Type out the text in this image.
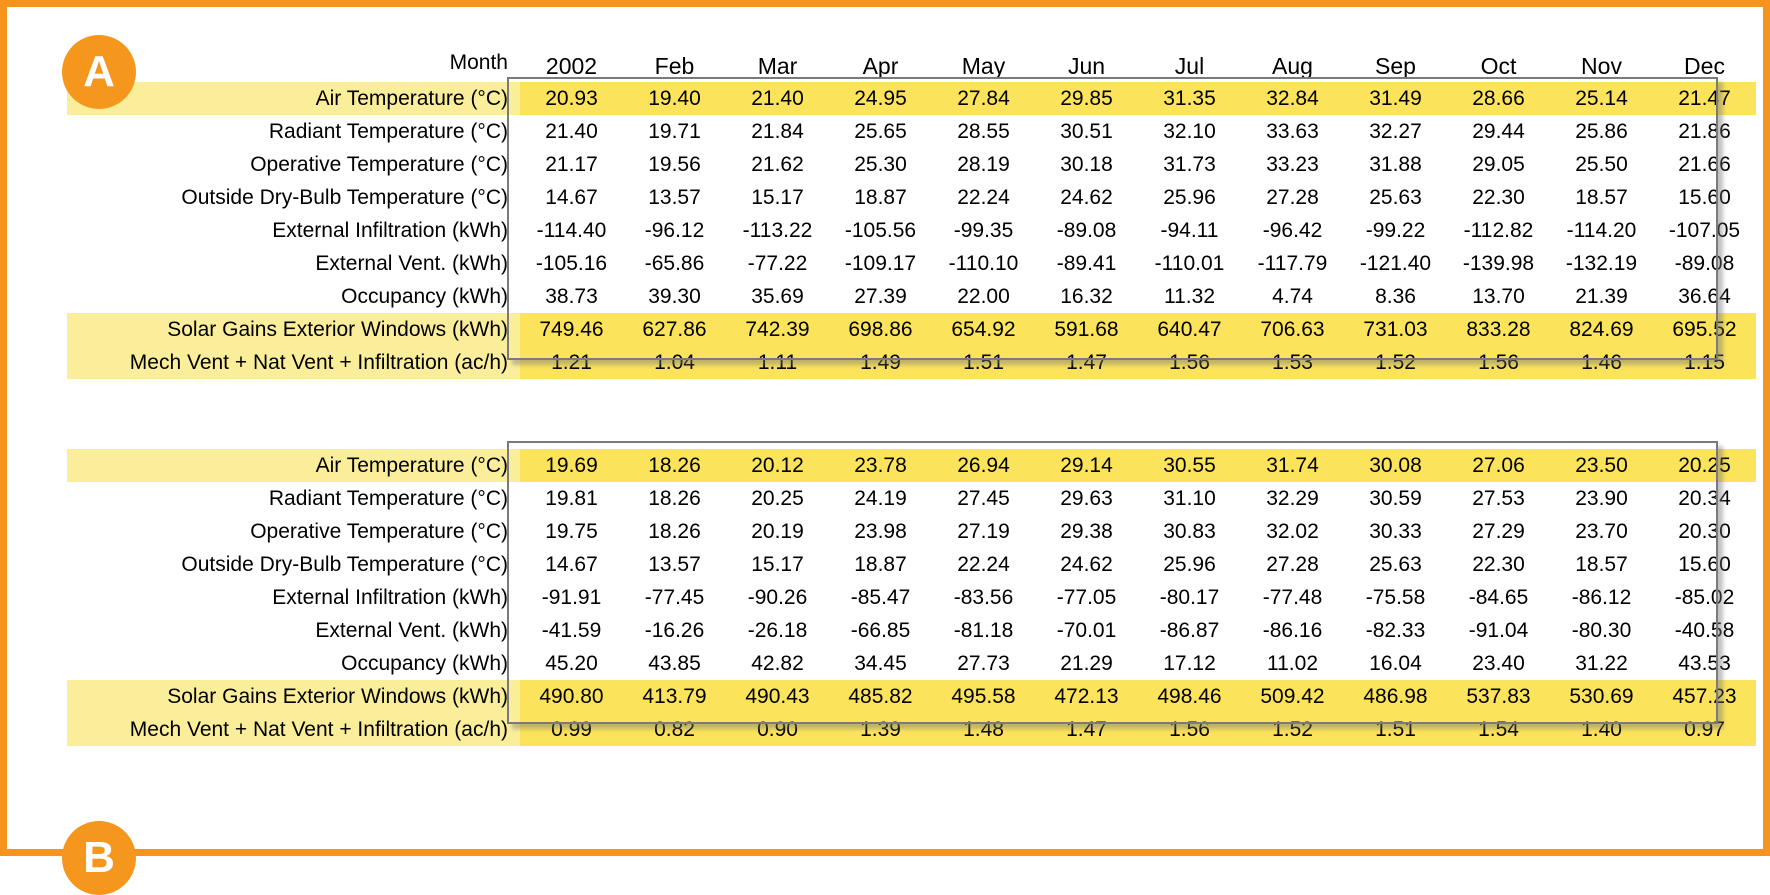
A	Month	2002	Feb	Mar	Apr	May	Jun	Jul	Aug	Sep	Oct	Nov	Dec
Air Temperature (°C)	20.93	19.40	21.40	24.95	27.84	29.85	31.35	32.84	31.49	28.66	25.14	21.47
Radiant Temperature (°C)	21.40	19.71	21.84	25.65	28.55	30.51	32.10	33.63	32.27	29.44	25.86	21.86
Operative Temperature (°C)	21.17	19.56	21.62	25.30	28.19	30.18	31.73	33.23	31.88	29.05	25.50	21.66
Outside Dry-Bulb Temperature (°C)	14.67	13.57	15.17	18.87	22.24	24.62	25.96	27.28	25.63	22.30	18.57	15.60
External Infiltration (kWh)	-114.40	-96.12	-113.22	-105.56	-99.35	-89.08	-94.11	-96.42	-99.22	-112.82	-114.20	-107.05
External Vent. (kWh)	-105.16	-65.86	-77.22	-109.17	-110.10	-89.41	-110.01	-117.79	-121.40	-139.98	-132.19	-89.08
Occupancy (kWh)	38.73	39.30	35.69	27.39	22.00	16.32	11.32	4.74	8.36	13.70	21.39	36.64
Solar Gains Exterior Windows (kWh)	749.46	627.86	742.39	698.86	654.92	591.68	640.47	706.63	731.03	833.28	824.69	695.52
Mech Vent + Nat Vent + Infiltration (ac/h)	1.21	1.04	1.11	1.49	1.51	1.47	1.56	1.53	1.52	1.56	1.46	1.15
B
Air Temperature (°C)	19.69	18.26	20.12	23.78	26.94	29.14	30.55	31.74	30.08	27.06	23.50	20.25
Radiant Temperature (°C)	19.81	18.26	20.25	24.19	27.45	29.63	31.10	32.29	30.59	27.53	23.90	20.34
Operative Temperature (°C)	19.75	18.26	20.19	23.98	27.19	29.38	30.83	32.02	30.33	27.29	23.70	20.30
Outside Dry-Bulb Temperature (°C)	14.67	13.57	15.17	18.87	22.24	24.62	25.96	27.28	25.63	22.30	18.57	15.60
External Infiltration (kWh)	-91.91	-77.45	-90.26	-85.47	-83.56	-77.05	-80.17	-77.48	-75.58	-84.65	-86.12	-85.02
External Vent. (kWh)	-41.59	-16.26	-26.18	-66.85	-81.18	-70.01	-86.87	-86.16	-82.33	-91.04	-80.30	-40.58
Occupancy (kWh)	45.20	43.85	42.82	34.45	27.73	21.29	17.12	11.02	16.04	23.40	31.22	43.53
Solar Gains Exterior Windows (kWh)	490.80	413.79	490.43	485.82	495.58	472.13	498.46	509.42	486.98	537.83	530.69	457.23
Mech Vent + Nat Vent + Infiltration (ac/h)	0.99	0.82	0.90	1.39	1.48	1.47	1.56	1.52	1.51	1.54	1.40	0.97
